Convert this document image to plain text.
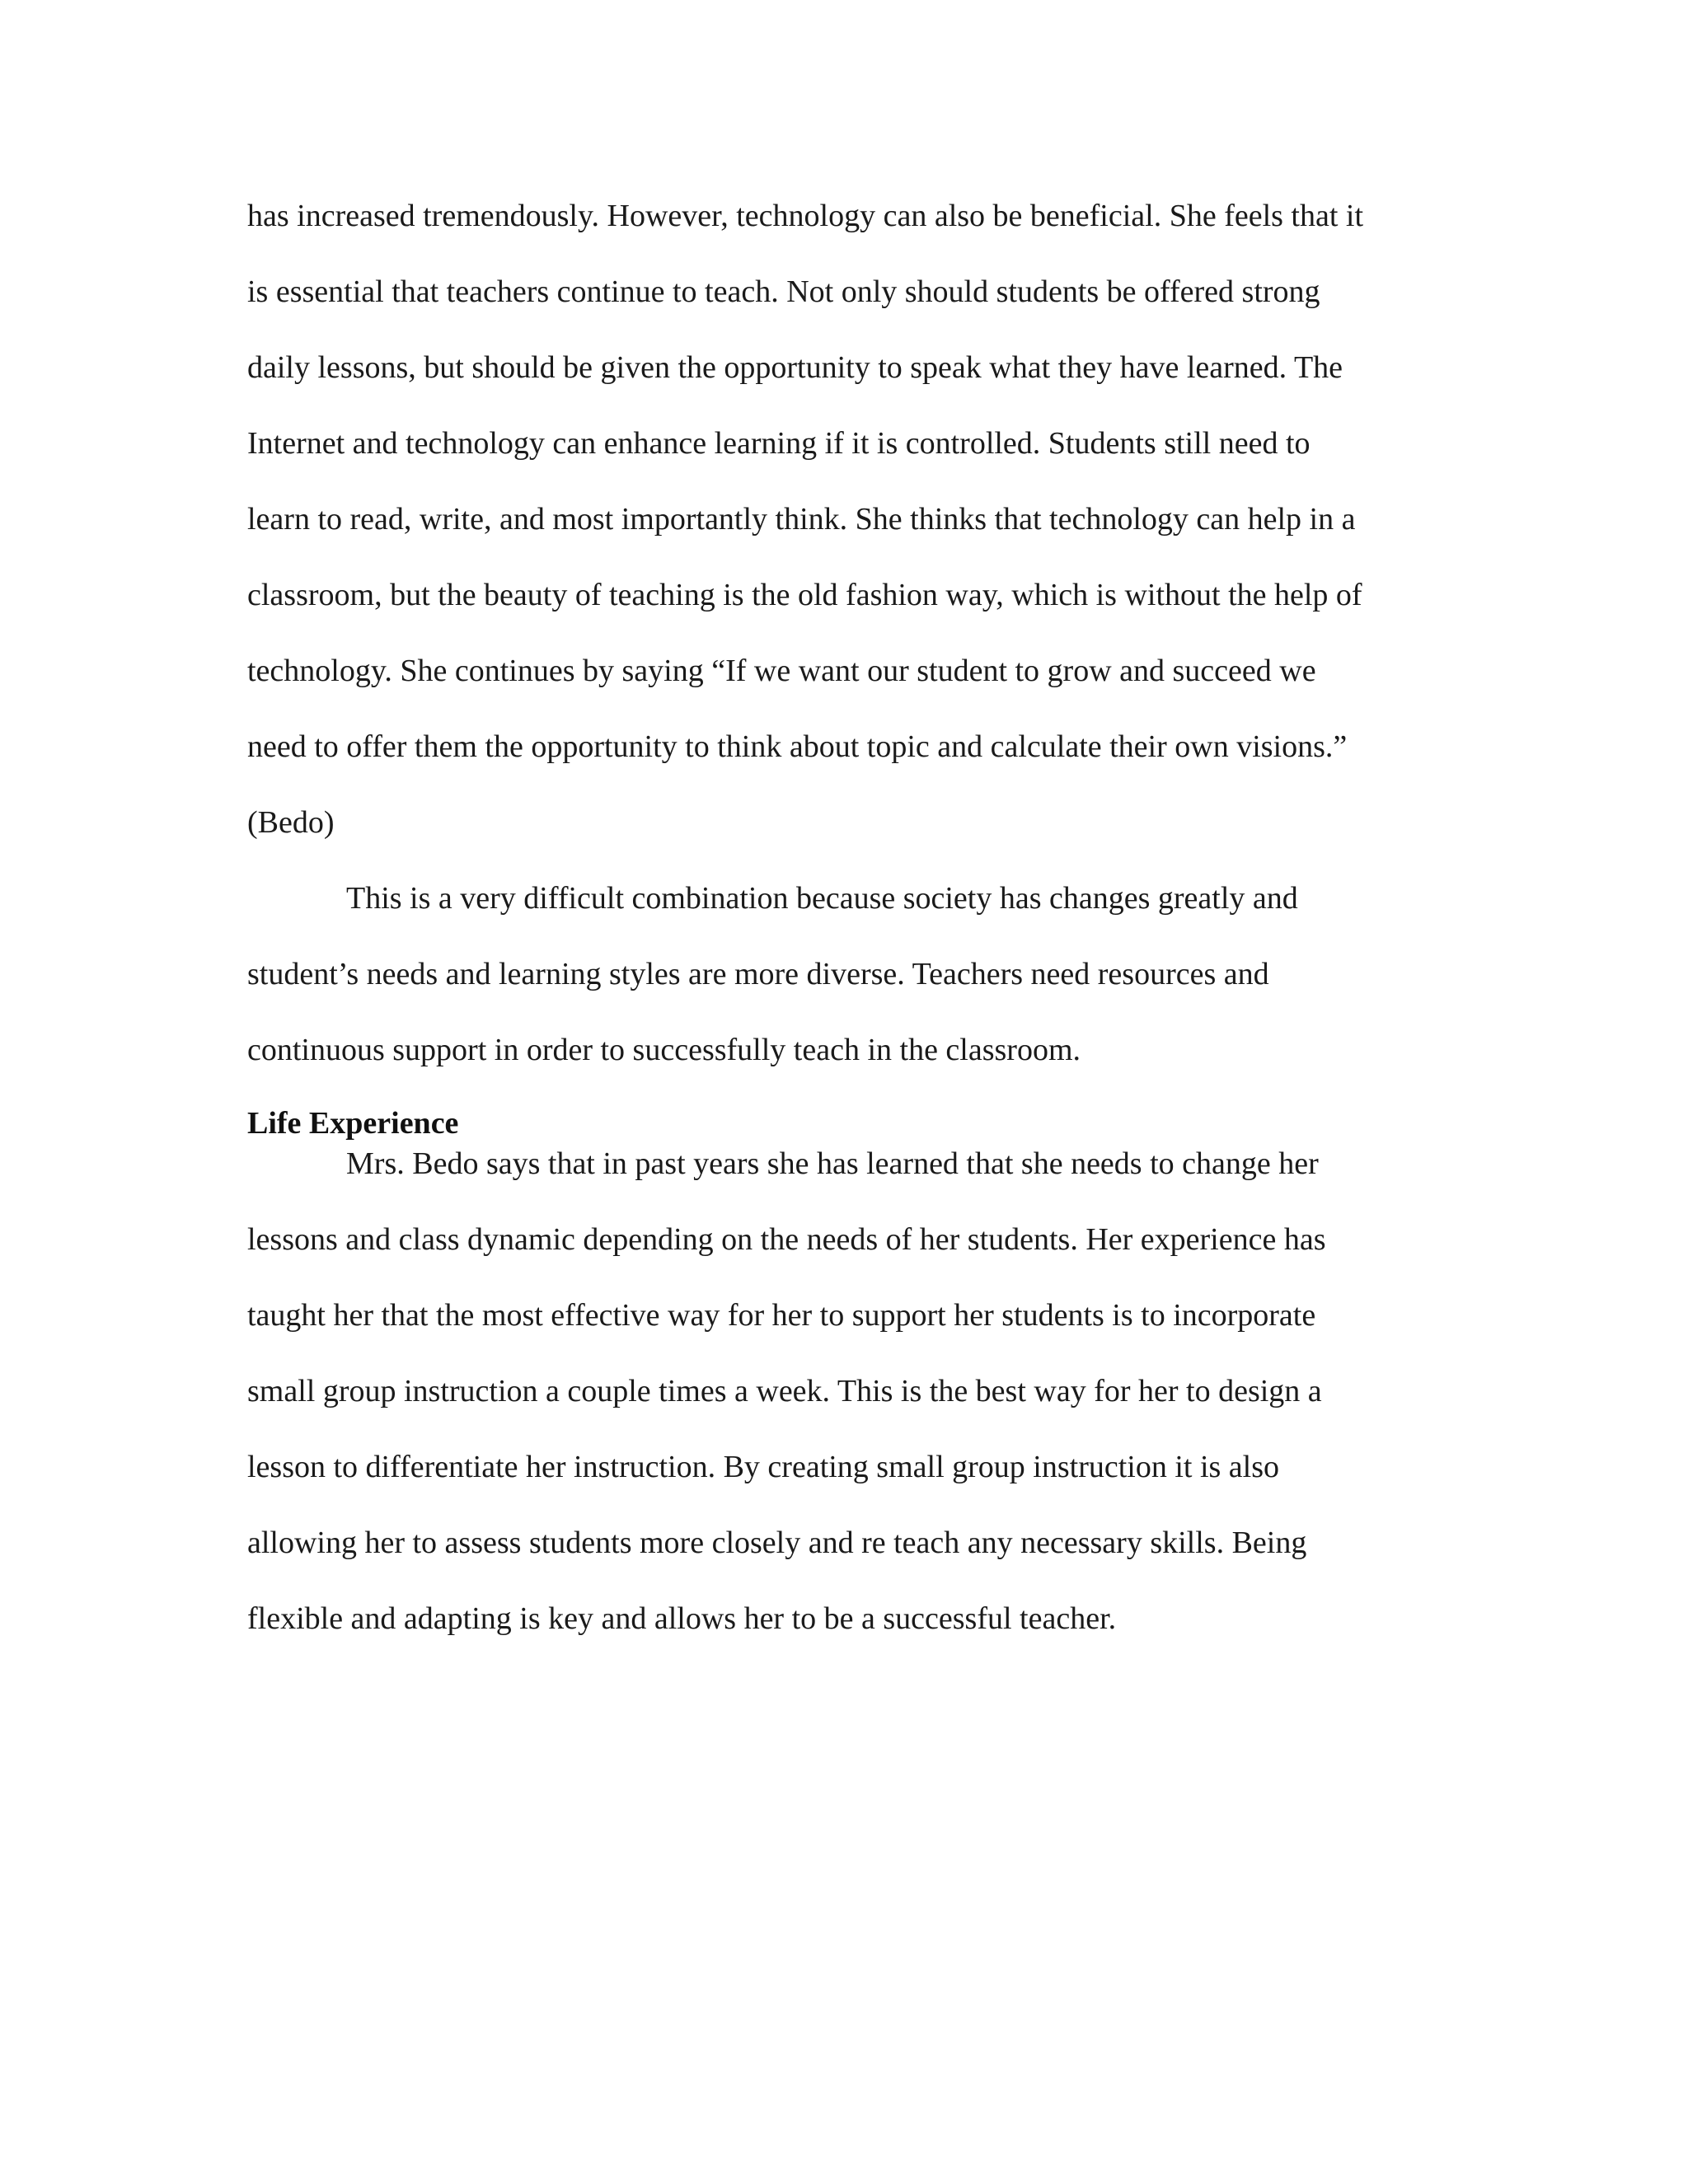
has increased tremendously. However, technology can also be beneficial. She feels that it
is essential that teachers continue to teach. Not only should students be offered strong
daily lessons, but should be given the opportunity to speak what they have learned. The
Internet and technology can enhance learning if it is controlled. Students still need to
learn to read, write, and most importantly think. She thinks that technology can help in a
classroom, but the beauty of teaching is the old fashion way, which is without the help of
technology. She continues by saying “If we want our student to grow and succeed we
need to offer them the opportunity to think about topic and calculate their own visions.”
(Bedo)
This is a very difficult combination because society has changes greatly and
student’s needs and learning styles are more diverse. Teachers need resources and
continuous support in order to successfully teach in the classroom.
Life Experience
Mrs. Bedo says that in past years she has learned that she needs to change her
lessons and class dynamic depending on the needs of her students. Her experience has
taught her that the most effective way for her to support her students is to incorporate
small group instruction a couple times a week. This is the best way for her to design a
lesson to differentiate her instruction. By creating small group instruction it is also
allowing her to assess students more closely and re teach any necessary skills. Being
flexible and adapting is key and allows her to be a successful teacher.
